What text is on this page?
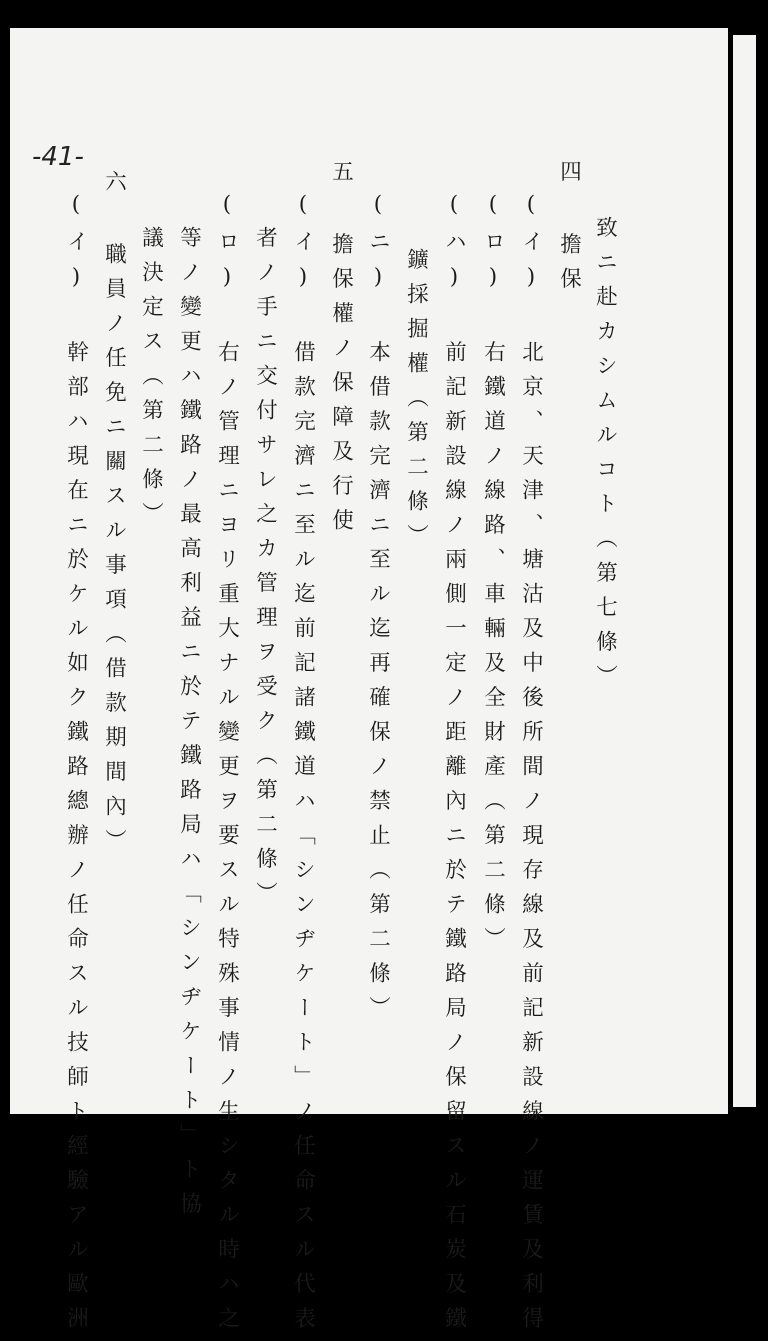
-41-
致ニ赴カシムルコト（第七條）
四 擔保
(イ) 北京、天津、塘沽及中後所間ノ現存線及前記新設線ノ運賃及利得
(ロ) 右鐵道ノ線路、車輛及全財產（第二條）
(ハ) 前記新設線ノ兩側一定ノ距離內ニ於テ鐵路局ノ保留スル石炭及鐵
鑛採掘權（第二條）
(ニ) 本借款完濟ニ至ル迄再確保ノ禁止（第二條）
五 擔保權ノ保障及行使
(イ) 借款完濟ニ至ル迄前記諸鐵道ハ「シンヂケート」ノ任命スル代表
者ノ手ニ交付サレ之カ管理ヲ受ク（第二條）
(ロ) 右ノ管理ニヨリ重大ナル變更ヲ要スル特殊事情ノ生シタル時ハ之
等ノ變更ハ鐵路ノ最高利益ニ於テ鐵路局ハ「シンヂケート」ト協
議決定ス（第二條）
六 職員ノ任免ニ關スル事項（借款期間內）
(イ) 幹部ハ現在ニ於ケル如ク鐵路總辦ノ任命スル技師ト經驗アル歐洲
